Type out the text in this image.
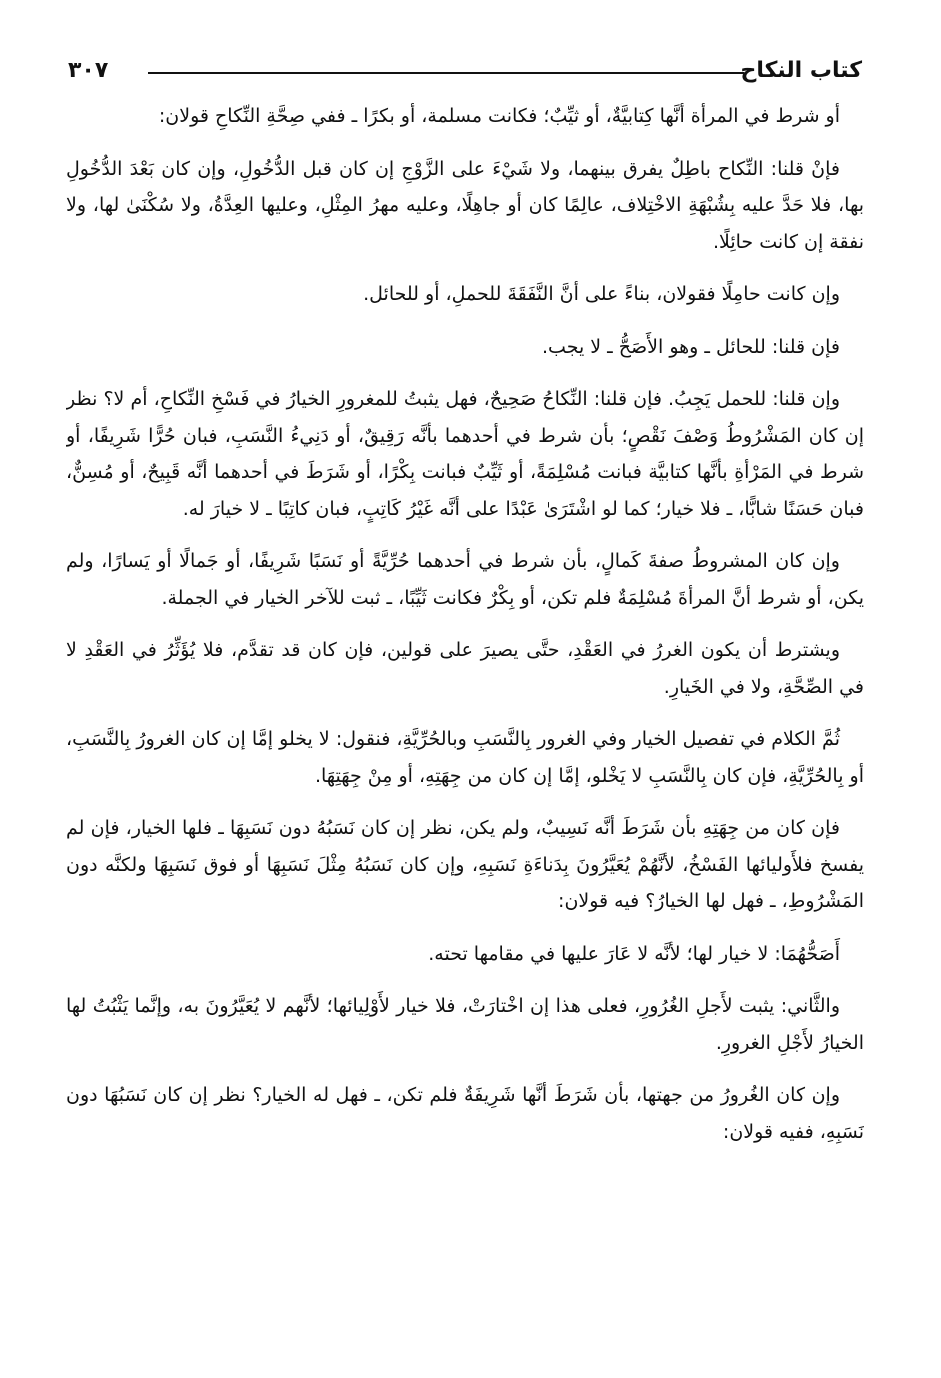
كتاب النكاح
٣٠٧

أو شرط في المرأة أنَّها كِتابيَّةٌ، أو ثيِّبٌ؛ فكانت مسلمة، أو بكرًا ـ ففي صِحَّةِ النِّكاحِ قولان:

فإنْ قلنا: النِّكاح باطِلٌ يفرق بينهما، ولا شَيْءَ على الزَّوْجِ إن كان قبل الدُّخُولِ، وإن كان بَعْدَ الدُّخُولِ بها، فلا حَدَّ عليه بِشُبْهَةِ الاخْتِلاف، عالِمًا كان أو جاهِلًا، وعليه مهرُ المِثْلِ، وعليها العِدَّةُ، ولا سُكْنَىٰ لها، ولا نفقة إن كانت حائِلًا.

وإن كانت حامِلًا فقولان، بناءً على أنَّ النَّفَقَةَ للحملِ، أو للحائل.

فإن قلنا: للحائل ـ وهو الأَصَحُّ ـ لا يجب.

وإن قلنا: للحمل يَجِبُ. فإن قلنا: النِّكاحُ صَحِيحٌ، فهل يثبتُ للمغرورِ الخيارُ في فَسْخِ النِّكاحِ، أم لا؟ نظر إن كان المَشْرُوطُ وَصْفَ نَقْصٍ؛ بأن شرط في أحدهما بأنَّه رَقِيقٌ، أو دَنِيءُ النَّسَبِ، فبان حُرًّا شَرِيفًا، أو شرط في المَرْأةِ بأنَّها كتابيَّة فبانت مُسْلِمَةً، أو ثَيِّبٌ فبانت بِكْرًا، أو شَرَطَ في أحدهما أنَّه قَبِيحٌ، أو مُسِنٌّ، فبان حَسَنًا شابًّا، ـ فلا خيار؛ كما لو اشْتَرَىٰ عَبْدًا على أنَّه غَيْرُ كَاتِبٍ، فبان كاتِبًا ـ لا خيارَ له.

وإن كان المشروطُ صفةَ كَمالٍ، بأن شرط في أحدهما حُرِّيَّةً أو نَسَبًا شَرِيفًا، أو جَمالًا أو يَسارًا، ولم يكن، أو شرط أنَّ المرأةَ مُسْلِمَةٌ فلم تكن، أو بِكْرٌ فكانت ثَيِّبًا، ـ ثبت للآخر الخيار في الجملة.

ويشترط أن يكون الغررُ في العَقْدِ، حتَّى يصيرَ على قولين، فإن كان قد تقدَّم، فلا يُؤَثِّرُ في العَقْدِ لا في الصِّحَّةِ، ولا في الخَيارِ.

ثُمَّ الكلام في تفصيل الخيار وفي الغرور بِالنَّسَبِ وبالحُرِّيَّةِ، فنقول: لا يخلو إمَّا إن كان الغرورُ بِالنَّسَبِ، أو بِالحُرِّيَّةِ، فإن كان بِالنَّسَبِ لا يَخْلو، إمَّا إن كان من جِهَتِهِ، أو مِنْ جِهَتِهَا.

فإن كان من جِهَتِهِ بأن شَرَطَ أنَّه نَسِيبٌ، ولم يكن، نظر إن كان نَسَبُهُ دون نَسَبِهَا ـ فلها الخيار، فإن لم يفسخ فلأَوليائها الفَسْخُ، لأنَّهُمْ يُعَيَّرُونَ بِدَناءَةِ نَسَبِهِ، وإن كان نَسَبُهُ مِثْلَ نَسَبِهَا أو فوق نَسَبِهَا ولكنَّه دون المَشْرُوطِ، ـ فهل لها الخيارُ؟ فيه قولان:

أَصَحُّهُمَا: لا خيار لها؛ لأنَّه لا عَارَ عليها في مقامها تحته.

والثَّاني: يثبت لأَجلِ الغُرُورِ، فعلى هذا إن اخْتارَتْ، فلا خيار لأَوْلِيائها؛ لأنَّهم لا يُعَيَّرُونَ به، وإنَّما يَثْبُتُ لها الخيارُ لأَجْلِ الغرورِ.

وإن كان الغُرورُ من جهتها، بأن شَرَطَ أنَّها شَرِيفَةٌ فلم تكن، ـ فهل له الخيار؟ نظر إن كان نَسَبُهَا دون نَسَبِهِ، ففيه قولان:
